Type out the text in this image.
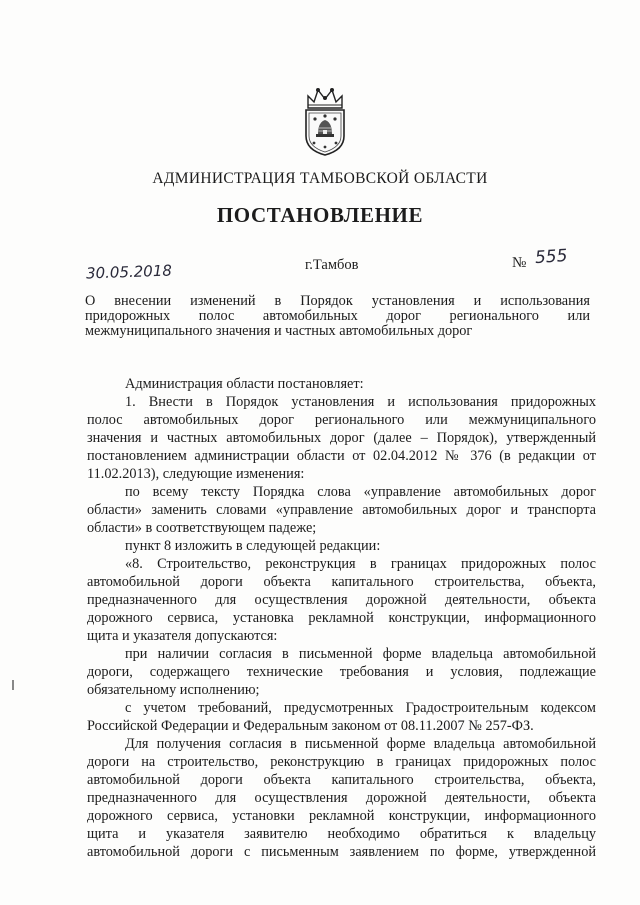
АДМИНИСТРАЦИЯ ТАМБОВСКОЙ ОБЛАСТИ
ПОСТАНОВЛЕНИЕ
30.05.2018	г.Тамбов	№ 555
О внесении изменений в Порядок установления и использования
придорожных полос автомобильных дорог регионального или
межмуниципального значения и частных автомобильных дорог
Администрация области постановляет:
1. Внести в Порядок установления и использования придорожных
полос автомобильных дорог регионального или межмуниципального
значения и частных автомобильных дорог (далее – Порядок), утвержденный
постановлением администрации области от 02.04.2012 № 376 (в редакции от
11.02.2013), следующие изменения:
по всему тексту Порядка слова «управление автомобильных дорог
области» заменить словами «управление автомобильных дорог и транспорта
области» в соответствующем падеже;
пункт 8 изложить в следующей редакции:
«8. Строительство, реконструкция в границах придорожных полос
автомобильной дороги объекта капитального строительства, объекта,
предназначенного для осуществления дорожной деятельности, объекта
дорожного сервиса, установка рекламной конструкции, информационного
щита и указателя допускаются:
при наличии согласия в письменной форме владельца автомобильной
дороги, содержащего технические требования и условия, подлежащие
обязательному исполнению;
с учетом требований, предусмотренных Градостроительным кодексом
Российской Федерации и Федеральным законом от 08.11.2007 № 257-ФЗ.
Для получения согласия в письменной форме владельца автомобильной
дороги на строительство, реконструкцию в границах придорожных полос
автомобильной дороги объекта капитального строительства, объекта,
предназначенного для осуществления дорожной деятельности, объекта
дорожного сервиса, установки рекламной конструкции, информационного
щита и указателя заявителю необходимо обратиться к владельцу
автомобильной дороги с письменным заявлением по форме, утвержденной
